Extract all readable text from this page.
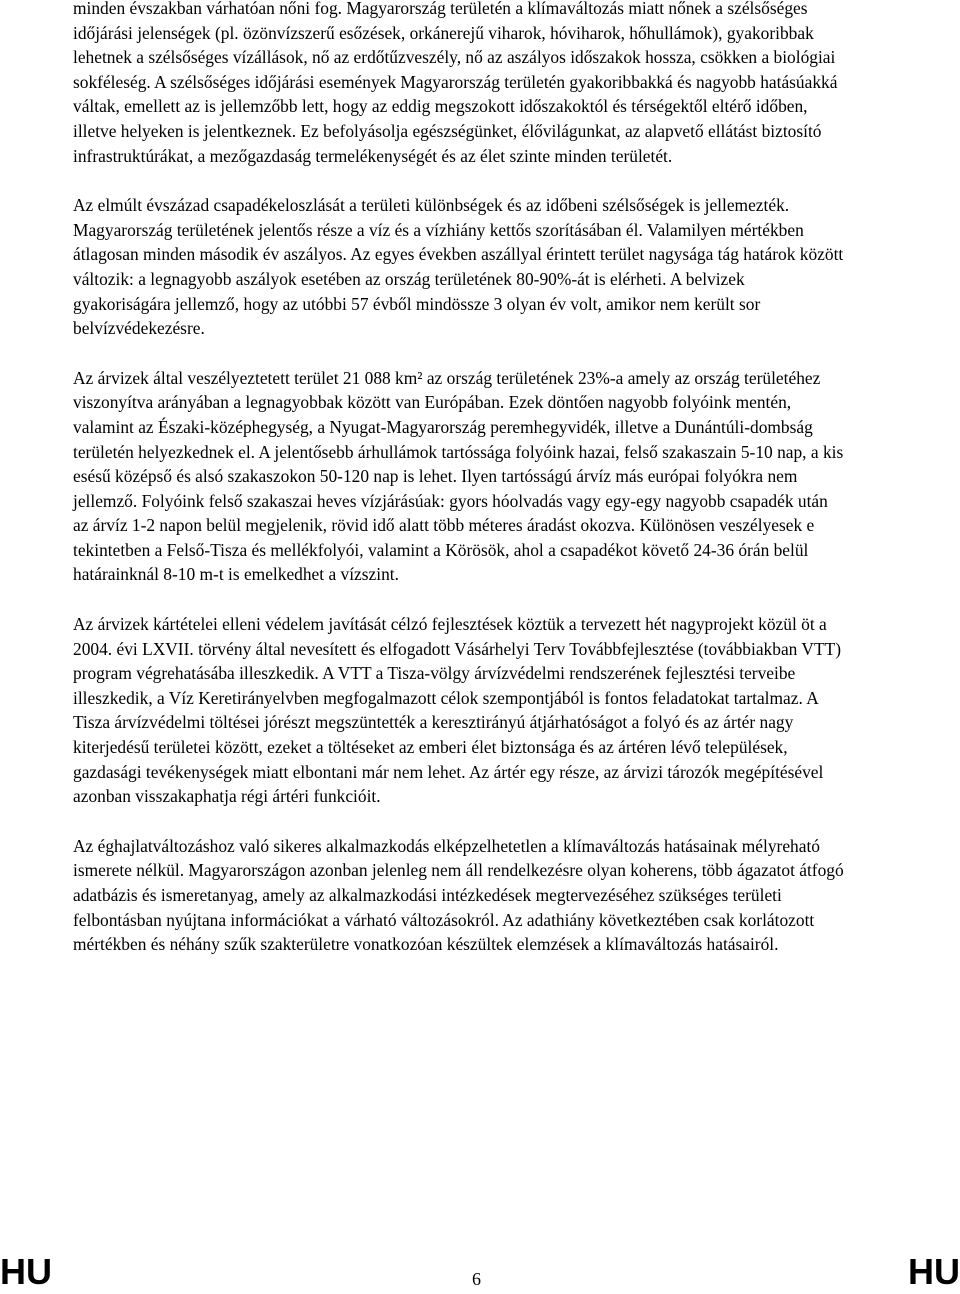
minden évszakban várhatóan nőni fog. Magyarország területén a klímaváltozás miatt nőnek a szélsőséges időjárási jelenségek (pl. özönvízszerű esőzések, orkánerejű viharok, hóviharok, hőhullámok), gyakoribbak lehetnek a szélsőséges vízállások, nő az erdőtűzveszély, nő az aszályos időszakok hossza, csökken a biológiai sokféleség. A szélsőséges időjárási események Magyarország területén gyakoribbakká és nagyobb hatásúakká váltak, emellett az is jellemzőbb lett, hogy az eddig megszokott időszakoktól és térségektől eltérő időben, illetve helyeken is jelentkeznek. Ez befolyásolja egészségünket, élővilágunkat, az alapvető ellátást biztosító infrastruktúrákat, a mezőgazdaság termelékenységét és az élet szinte minden területét.

Az elmúlt évszázad csapadékeloszlását a területi különbségek és az időbeni szélsőségek is jellemezték. Magyarország területének jelentős része a víz és a vízhiány kettős szorításában él. Valamilyen mértékben átlagosan minden második év aszályos. Az egyes években aszállyal érintett terület nagysága tág határok között változik: a legnagyobb aszályok esetében az ország területének 80-90%-át is elérheti. A belvizek gyakoriságára jellemző, hogy az utóbbi 57 évből mindössze 3 olyan év volt, amikor nem került sor belvízvédekezésre.

Az árvizek által veszélyeztetett terület 21 088 km² az ország területének 23%-a amely az ország területéhez viszonyítva arányában a legnagyobbak között van Európában. Ezek döntően nagyobb folyóink mentén, valamint az Északi-középhegység, a Nyugat-Magyarország peremhegyvidék, illetve a Dunántúli-dombság területén helyezkednek el. A jelentősebb árhullámok tartóssága folyóink hazai, felső szakaszain 5-10 nap, a kis esésű középső és alsó szakaszokon 50-120 nap is lehet. Ilyen tartósságú árvíz más európai folyókra nem jellemző. Folyóink felső szakaszai heves vízjárásúak: gyors hóolvadás vagy egy-egy nagyobb csapadék után az árvíz 1-2 napon belül megjelenik, rövid idő alatt több méteres áradást okozva. Különösen veszélyesek e tekintetben a Felső-Tisza és mellékfolyói, valamint a Körösök, ahol a csapadékot követő 24-36 órán belül határainknál 8-10 m-t is emelkedhet a vízszint.

Az árvizek kártételei elleni védelem javítását célzó fejlesztések köztük a tervezett hét nagyprojekt közül öt a 2004. évi LXVII. törvény által nevesített és elfogadott Vásárhelyi Terv Továbbfejlesztése (továbbiakban VTT) program végrehatásába illeszkedik. A VTT a Tisza-völgy árvízvédelmi rendszerének fejlesztési terveibe illeszkedik, a Víz Keretirányelvben megfogalmazott célok szempontjából is fontos feladatokat tartalmaz. A Tisza árvízvédelmi töltései jórészt megszüntették a keresztirányú átjárhatóságot a folyó és az ártér nagy kiterjedésű területei között, ezeket a töltéseket az emberi élet biztonsága és az ártéren lévő települések, gazdasági tevékenységek miatt elbontani már nem lehet. Az ártér egy része, az árvizi tározók megépítésével azonban visszakaphatja régi ártéri funkcióit.

Az éghajlatváltozáshoz való sikeres alkalmazkodás elképzelhetetlen a klímaváltozás hatásainak mélyreható ismerete nélkül. Magyarországon azonban jelenleg nem áll rendelkezésre olyan koherens, több ágazatot átfogó adatbázis és ismeretanyag, amely az alkalmazkodási intézkedések megtervezéséhez szükséges területi felbontásban nyújtana információkat a várható változásokról. Az adathiány következtében csak korlátozott mértékben és néhány szűk szakterületre vonatkozóan készültek elemzések a klímaváltozás hatásairól.

HU	6	HU
